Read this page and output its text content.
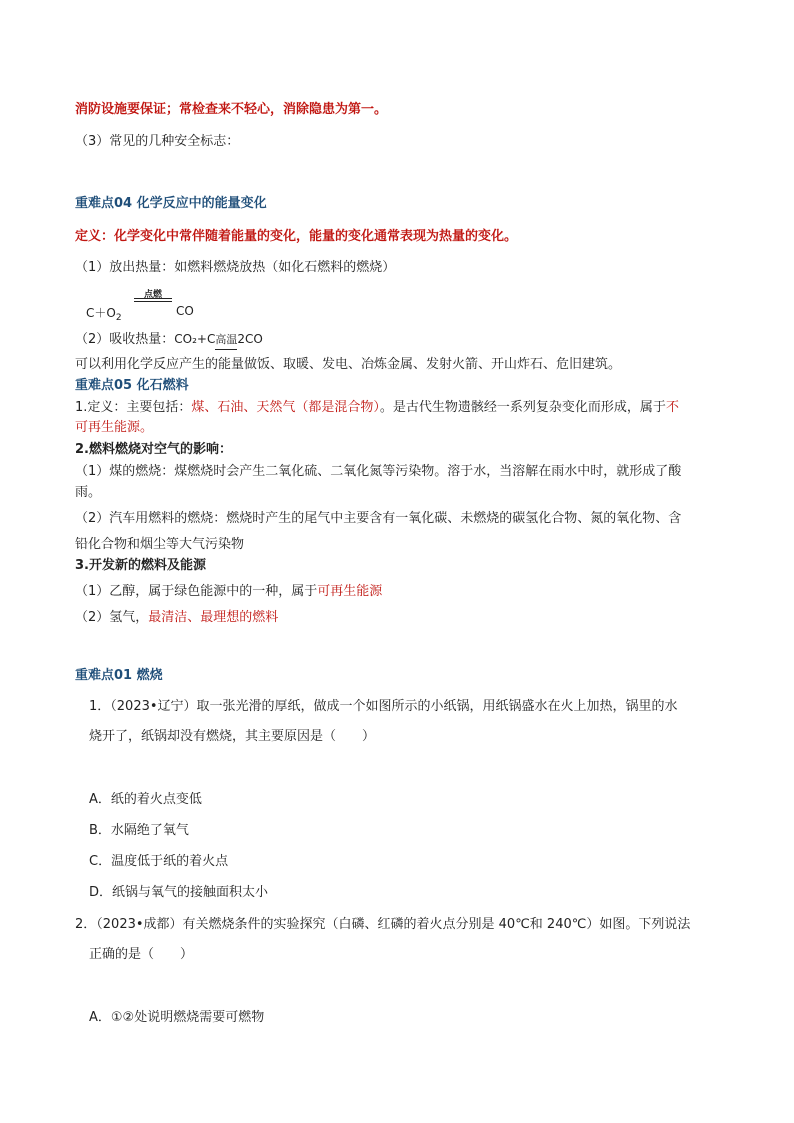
消防设施要保证；常检查来不轻心，消除隐患为第一。
（3）常见的几种安全标志：
重难点04 化学反应中的能量变化
定义：化学变化中常伴随着能量的变化，能量的变化通常表现为热量的变化。
（1）放出热量：如燃料燃烧放热（如化石燃料的燃烧）
$C+O_2$
点燃
CO
（2）吸收热量：CO₂+C高温2CO
可以利用化学反应产生的能量做饭、取暖、发电、冶炼金属、发射火箭、开山炸石、危旧建筑。
重难点05 化石燃料
1.定义：主要包括：煤、石油、天然气（都是混合物）。是古代生物遗骸经一系列复杂变化而形成，属于不
可再生能源。
2.燃料燃烧对空气的影响：
（1）煤的燃烧：煤燃烧时会产生二氧化硫、二氧化氮等污染物。溶于水，当溶解在雨水中时，就形成了酸
雨。
（2）汽车用燃料的燃烧：燃烧时产生的尾气中主要含有一氧化碳、未燃烧的碳氢化合物、氮的氧化物、含
铅化合物和烟尘等大气污染物
3.开发新的燃料及能源
（1）乙醇，属于绿色能源中的一种，属于可再生能源
（2）氢气，最清洁、最理想的燃料
重难点01 燃烧
1．（2023•辽宁）取一张光滑的厚纸，做成一个如图所示的小纸锅，用纸锅盛水在火上加热，锅里的水
烧开了，纸锅却没有燃烧，其主要原因是（　　）
A．纸的着火点变低
B．水隔绝了氧气
C．温度低于纸的着火点
D．纸锅与氧气的接触面积太小
2．（2023•成都）有关燃烧条件的实验探究（白磷、红磷的着火点分别是 40℃和 240℃）如图。下列说法
正确的是（　　）
A．①②处说明燃烧需要可燃物
